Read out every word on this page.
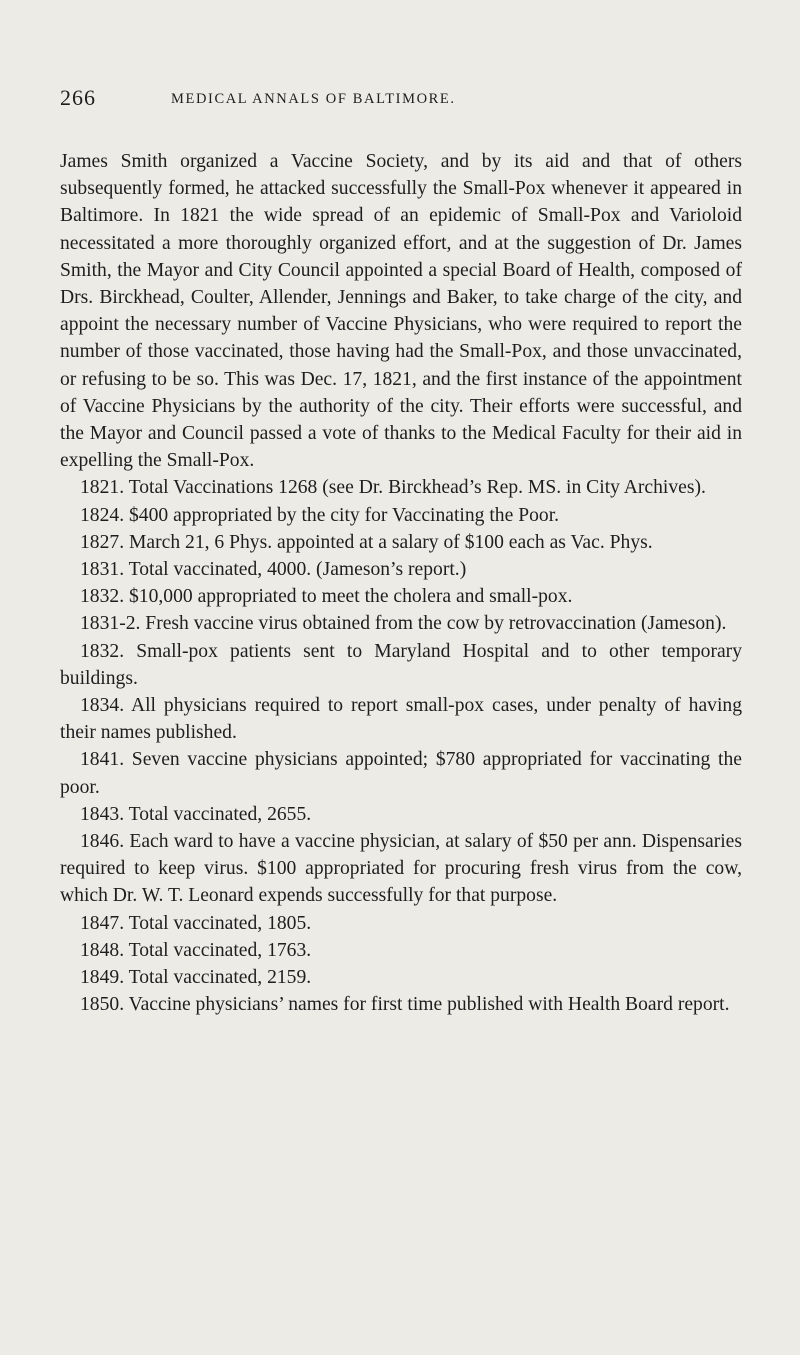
266	MEDICAL ANNALS OF BALTIMORE.

James Smith organized a Vaccine Society, and by its aid and that of others subsequently formed, he attacked successfully the Small-Pox whenever it appeared in Baltimore. In 1821 the wide spread of an epidemic of Small-Pox and Varioloid necessitated a more thoroughly organized effort, and at the suggestion of Dr. James Smith, the Mayor and City Council appointed a special Board of Health, composed of Drs. Birckhead, Coulter, Allender, Jennings and Baker, to take charge of the city, and appoint the necessary number of Vaccine Physicians, who were required to report the number of those vaccinated, those having had the Small-Pox, and those unvaccinated, or refusing to be so. This was Dec. 17, 1821, and the first instance of the appointment of Vaccine Physicians by the authority of the city. Their efforts were successful, and the Mayor and Council passed a vote of thanks to the Medical Faculty for their aid in expelling the Small-Pox.

1821. Total Vaccinations 1268 (see Dr. Birckhead’s Rep. MS. in City Archives).

1824. $400 appropriated by the city for Vaccinating the Poor.

1827. March 21, 6 Phys. appointed at a salary of $100 each as Vac. Phys.

1831. Total vaccinated, 4000. (Jameson’s report.)

1832. $10,000 appropriated to meet the cholera and small-pox.

1831-2. Fresh vaccine virus obtained from the cow by retrovaccination (Jameson).

1832. Small-pox patients sent to Maryland Hospital and to other temporary buildings.

1834. All physicians required to report small-pox cases, under penalty of having their names published.

1841. Seven vaccine physicians appointed; $780 appropriated for vaccinating the poor.

1843. Total vaccinated, 2655.

1846. Each ward to have a vaccine physician, at salary of $50 per ann. Dispensaries required to keep virus. $100 appropriated for procuring fresh virus from the cow, which Dr. W. T. Leonard expends successfully for that purpose.

1847. Total vaccinated, 1805.

1848. Total vaccinated, 1763.

1849. Total vaccinated, 2159.

1850. Vaccine physicians’ names for first time published with Health Board report.
